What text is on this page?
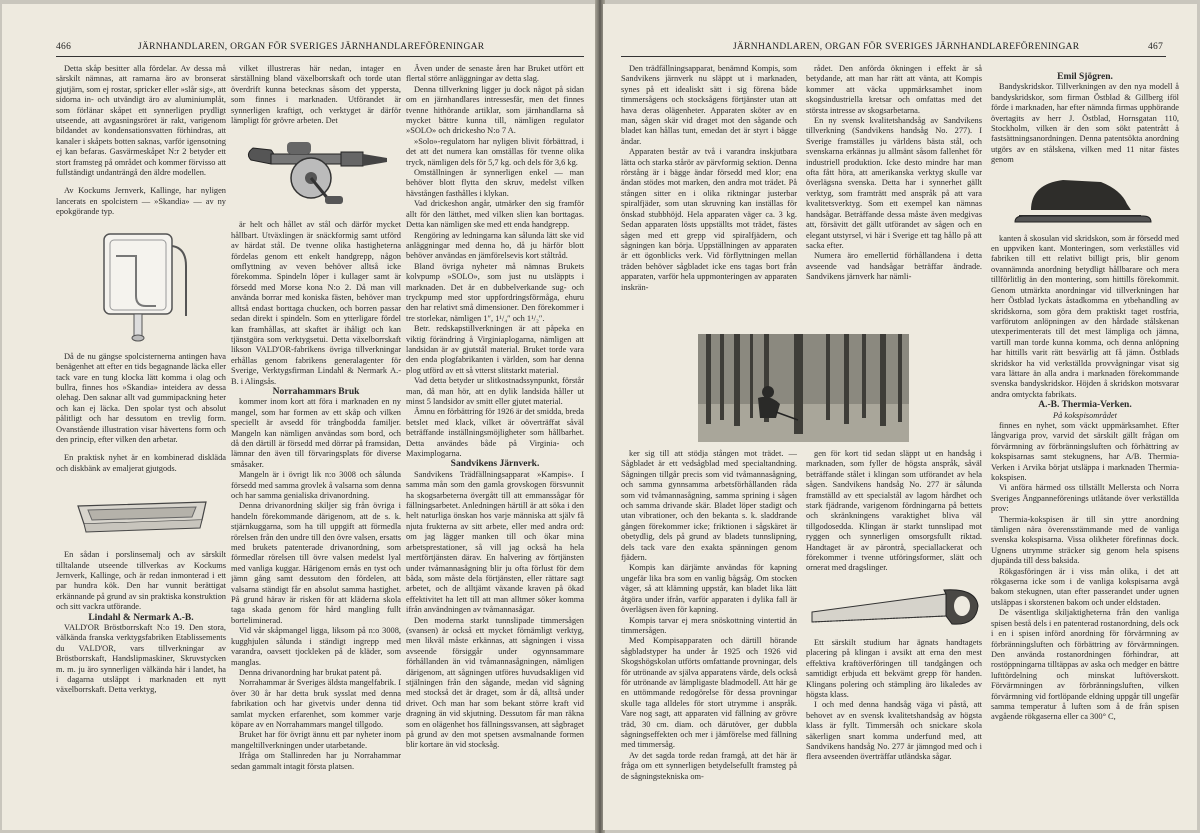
466	JÄRNHANDLAREN, ORGAN FÖR SVERIGES JÄRNHANDLAREFÖRENINGAR

Detta skåp besitter alla fördelar. Av dessa må särskilt nämnas, att ramarna äro av bronserat gjutjärn, som ej rostar, spricker eller »slår sig», att sidorna in- och utvändigt äro av aluminiumplåt, som förlänar skåpet ett synnerligen prydligt utseende, att avgasningsröret är rakt, varigenom bildandet av kondensationsvatten förhindras, att kanaler i skåpets botten saknas, varför igensotning ej kan befaras. Gasvärmeskåpet N:r 2 betyder ett stort framsteg på området och kommer förvisso att fullständigt undanträngå den äldre modellen.

Av Kockums Jernverk, Kallinge, har nyligen lancerats en spolcistern — »Skandia» — av ny epokgörande typ.

Då de nu gängse spolcisternerna antingen hava benägenhet att efter en tids begagnande läcka eller tack vare en tung klocka lätt komma i olag och bullra, finnes hos »Skandia» inteidera av dessa olehag. Den saknar allt vad gummipackning heter och kan ej läcka. Den spolar tyst och absolut pålitligt och har dessutom en trevlig form. Ovanstående illustration visar hävertens form och den princip, efter vilken den arbetar.

En praktisk nyhet är en kombinerad diskläda och diskbänk av emaljerat gjutgods.

En sådan i porslinsemalj och av särskilt tilltalande utseende tillverkas av Kockums Jernverk, Kallinge, och är redan inmonterad i ett par hundra kök. Den har vunnit berättigat erkännande på grund av sin praktiska konstruktion och sitt vackra utförande.

Lindahl & Nermark A.-B.

VALD'OR Bröstborrskaft N:o 19. Den stora, välkända franska verktygsfabriken Etablissements du VALD'OR, vars tillverkningar av Bröstborrskaft, Handslipmaskiner, Skruvstycken m. m. ju äro synnerligen välkända här i landet, ha i dagarna utsläppt i marknaden ett nytt växelborrskaft. Detta verktyg,

vilket illustreras här nedan, intager en särställning bland växelborrskaft och torde utan överdrift kunna betecknas såsom det yppersta, som finnes i marknaden. Utförandet är synnerligen kraftigt, och verktyget är därför lämpligt för grövre arbeten. Det

är helt och hållet av stål och därför mycket hållbart. Utväxlingen är snäckformig samt utförd av härdat stål. De tvenne olika hastigheterna fördelas genom ett enkelt handgrepp, någon omflyttning av veven behöver alltså icke förekomma. Spindeln löper i kullager samt är försedd med Morse kona N:o 2. Då man vill använda borrar med koniska fästen, behöver man alltså endast borttaga chucken, och borren passar sedan direkt i spindeln. Som en ytterligare fördel kan framhållas, att skaftet är ihåligt och kan tjänstgöra som verktygsetui. Detta växelborrskaft likson VALD'OR-fabrikens övriga tillverkningar erhållas genom fabrikens generalagenter för Sverige, Verktygsfirman Lindahl & Nermark A.-B. i Alingsås.

Norrahammars Bruk

kommer inom kort att föra i marknaden en ny mangel, som har formen av ett skåp och vilken speciellt är avsedd för trångbodda familjer. Mangeln kan nämligen användas som bord, och då den därtill är försedd med dörrar på framsidan, lämnar den även till förvaringsplats för diverse småsaker.

Mangeln är i övrigt lik n:o 3008 och sålunda försedd med samma grovlek å valsarna som denna och har samma genialiska drivanordning.

Denna drivanordning skiljer sig från övriga i handeln förekommande därigenom, att de s. k. stjärnkuggarna, som ha till uppgift att förmedla rörelsen från den undre till den övre valsen, ersatts med brukets patenterade drivanordning, som förmedlar rörelsen till övre valsen medelst lyal med vanliga kuggar. Härigenom ernås en tyst och jämn gång samt dessutom den fördelen, att valsarna ständigt får en absolut samma hastighet. På grund härav är risken för att kläderna skola taga skada genom för hård mangling fullt borteliminerad.

Vid vår skåpmangel ligga, liksom på n:o 3008, kugghjulen sålunda i ständigt ingrepp med varandra, oavsett tjockleken på de kläder, som manglas.

Denna drivanordning har brukat patent på.

Norrahammar är Sveriges äldsta mangelfabrik. I över 30 år har detta bruk sysslat med denna fabrikation och har givetvis under denna tid samlat mycken erfarenhet, som kommer varje köpare av en Norrahammars mangel tillgodo.

Bruket har för övrigt ännu ett par nyheter inom mangeltillverkningen under utarbetande.

Ifråga om Stallinreden har ju Norrahammar sedan gammalt intagit första platsen.

Även under de senaste åren har Bruket utfört ett flertal större anläggningar av detta slag.

Denna tillverkning ligger ju dock något på sidan om en järnhandlares intressesfär, men det finnes tvenne hithörande artiklar, som järnhandlarna så mycket bättre kunna till, nämligen regulator »SOLO» och drickesho N:o 7 A.

»Solo»-regulatorn har nyligen blivit förbättrad, i det att det numera kan omställas för tvenne olika tryck, nämligen dels för 5,7 kg. och dels för 3,6 kg.

Omställningen är synnerligen enkel — man behöver blott flytta den skruv, medelst vilken hävstången fasthålles i klykan.

Vad drickeshon angår, utmärker den sig framför allt för den lätthet, med vilken slien kan borttagas. Detta kan nämligen ske med ett enda handgrepp.

Rengöring av ledningarna kan sålunda lätt ske vid anläggningar med denna ho, då ju härför blott behöver användas en jämförelsevis kort ståltråd.

Bland övriga nyheter må nämnas Brukets kolvpump »SOLO», som just nu utsläppts i marknaden. Det är en dubbelverkande sug- och tryckpump med stor uppfordringsförmåga, ehuru den har relativt små dimensioner. Den förekommer i tre storlekar, nämligen 1″, 1¹/₄″ och 1¹/₂″.

Betr. redskapstillverkningen är att påpeka en viktig förändring å Virginiaplogarna, nämligen att landsidan är av gjutstål material. Bruket torde vara den enda plogfabrikanten i världen, som har denna plog utförd av ett så vtterst slitstarkt material.

Vad detta betyder ur slitkostnadssynpunkt, förstår man, då man hör, att en dylik landsida håller ut minst 5 landsidor av smitt eller gjutet material.

Ämnu en förbättring för 1926 är det smidda, breda betslet med klack, vilket är oöverträffat såväl beträffande inställningsmöjligheter som hållbarhet. Detta användes både på Virginia- och Maximplogarna.

Sandvikens Järnverk.

Sandvikens Trädfällningsapparat »Kampis». I samma mån som den gamla grovskogen försvunnit ha skogsarbeterna övergått till att emmanssågar för fällningsarbetet. Anledningen härtill är att söka i den helt naturliga önskan hos varje människa att själv få njuta frukterna av sitt arbete, eller med andra ord: om jag lägger manken till och ökar mina arbetsprestationer, så vill jag också ha hela mertförtjänsten därav. En halvering av förtjänsten under tvåmannasågning blir ju ofta förlust för dem båda, som måste dela förtjänsten, eller rättare sagt arbetet, och de alltjämt växande kraven på ökad effektivitet ha lett till att man alltmer söker komma ifrån användningen av tvåmannasågar.

Den moderna starkt tunnslipade timmersågen (svansen) är också ett mycket förnämligt verktyg, men likväl måste erkännas, att sågningen i vissa avseende försiggår under ogynnsammare förhållanden än vid tvåmannasågningen, nämligen därigenom, att sågningen utföres huvudsakligen vid stjälningen från den sågande, medan vid sågning med stockså det är draget, som år då, alltså under drivet. Och man har som bekant större kraft vid dragning än vid skjutning. Dessutom får man räkna som en olägenhet hos fällningssvansen, att sågbraget på grund av den mot spetsen avsmalnande formen blir kortare än vid stocksåg.

JÄRNHANDLAREN, ORGAN FÖR SVERIGES JÄRNHANDLAREFÖRENINGAR	467

Den trädfällningsapparat, benämnd Kompis, som Sandvikens järnverk nu släppt ut i marknaden, synes på ett idealiskt sätt i sig förena både timmersågens och stocksågens förtjänster utan att hava deras olägenheter. Apparaten sköter av en man, sågen skär vid draget mot den sågande och bladet kan hållas tunt, emedan det är styrt i bägge ändar.

Apparaten består av två i varandra inskjutbara lätta och starka stårör av pärvformig sektion. Denna rörstång är i bägge ändar försedd med klor; ena ändan stödes mot marken, den andra mot trädet. På stången sitter en i olika riktningar justerbar spiralfjäder, som utan skruvning kan inställas för önskad stubbhöjd. Hela apparaten väger ca. 3 kg. Sedan apparaten lösts uppställts mot trädet, fästes sågen med ett grepp vid spiralfjädern, och sågningen kan börja. Uppställningen av apparaten är ett ögonblicks verk. Vid förflyttningen mellan träden behöver sågbladet icke ens tagas bort från apparaten, varför hela uppmonteringen av apparaten inskrän-

ker sig till att stödja stången mot trädet. — Sågbladet är ett vedsågblad med specialtandning. Sågningen tillgår precis som vid tvåmannasågning, och samma gynnsamma arbetsförhållanden råda som vid tvåmannasågning, samma sprining i sågen och samma drivande skär. Bladet löper stadigt och utan vibrationer, och den bekanta s. k. sladdrande gången förekommer icke; friktionen i sågskäret är obetydlig, dels på grund av bladets tunnslipning, dels tack vare den exakta spänningen genom fjädern.

Kompis kan därjämte användas för kapning ungefär lika bra som en vanlig bågsåg. Om stocken väger, så att klämning uppstår, kan bladet lika lätt åtgöra under ifrån, varför apparaten i dylika fall är överlägsen även för kapning.

Kompis tarvar ej mera snöskottning vintertid än timmersågen.

Med Kompisapparaten och därtill hörande sågbladstyper ha under år 1925 och 1926 vid Skogshögskolan utförts omfattande provningar, dels för utrönande av själva apparatens värde, dels också för utrönande av lämpligaste bladmodell. Att här ge en uttömmande redogörelse för dessa provningar skulle taga alldeles för stort utrymme i anspråk. Vare nog sagt, att apparaten vid fällning av grövre träd, 30 cm. diam. och därutöver, ger dubbla sågningseffekten och mer i jämförelse med fällning med timmersåg.

Av det sagda torde redan framgå, att det här är fråga om ett synnerligen betydelsefullt framsteg på de sågningstekniska om-

rådet. Den anförda ökningen i effekt är så betydande, att man har rätt att vänta, att Kompis kommer att väcka uppmärksamhet inom skogsindustriella kretsar och omfattas med det största intresse av skogsarbetarna.

En ny svensk kvalitetshandsåg av Sandvikens tillverkning (Sandvikens handsåg No. 277). I Sverige framställes ju världens bästa stål, och svenskarna erkännas ju allmänt såsom fallenhet för industriell produktion. Icke desto mindre har man ofta fått höra, att amerikanska verktyg skulle var överlägsna svenska. Detta har i synnerhet gällt verktyg, som framträtt med anspråk på att vara kvalitetsverktyg. Som ett exempel kan nämnas handsågar. Beträffande dessa måste även medgivas att, försävitt det gällt utförandet av sågen och en elegant utstyrsel, vi här i Sverige ett tag hållo på att sacka efter.

Numera äro emellertid förhållandena i detta avseende vad handsågar beträffar ändrade. Sandvikens järnverk har nämli-

gen för kort tid sedan släppt ut en handsåg i marknaden, som fyller de högsta anspråk, såväl beträffande stålet i klingan som utförandet av hela sågen. Sandvikens handsåg No. 277 är sålunda framställd av ett specialstål av lagom hårdhet och stark fjädrande, varigenom fördningarna på bettets och skränkningens varaktighet bliva väl tillgodosedda. Klingan är starkt tunnslipad mot ryggen och synnerligen omsorgsfullt riktad. Handtaget är av pärontrå, speciallackerat och förekommer i tvenne utföringsformer, slätt och ornerat med dragslinger.

Ett särskilt studium har ägnats handtagets placering på klingan i avsikt att erna den mest effektiva kraftöverföringen till tandgången och samtidigt erbjuda ett bekvämt grepp för handen. Klingans polering och stämpling äro likaledes av högsta klass.

I och med denna handsåg väga vi påstå, att behovet av en svensk kvalitetshandsåg av högsta klass är fyllt. Timmersåh och snickare skola säkerligen snart komma underfund med, att Sandvikens handsåg No. 277 är jämngod med och i flera avseenden överträffar utländska sågar.

Emil Sjögren.

Bandyskridskor. Tillverkningen av den nya modell å bandyskridskor, som firman Östblad & Gillberg iföl förde i marknaden, har efter nämnda firmas upphörande övertagits av herr J. Östblad, Hornsgatan 110, Stockholm, vilken är den som sökt patentrått å fastsättningsanordningen. Denna patentsökta anordning utgörs av en stålskena, vilken med 11 nitar fästes genom

kanten å skosulan vid skridskon, som är försedd med en uppviken kant. Monteringen, som verkställes vid fabriken till ett relativt billigt pris, blir genom ovannämnda anordning betydligt hållbarare och mera tillförlitlig än den montering, som hittills förekommit. Genom utmärkta anordningar vid tillverkningen har herr Östblad lyckats åstadkomma en ytbehandling av skridskorna, som göra dem praktiskt taget rostfria, varförutom anlöpningen av den hårdade stålskenan utexperimenterats till det mest lämpliga och jämna, vartill man torde kunna komma, och denna anlöpning har hittills varit rätt besvärlig att få jämn. Östblads skridskor ha vid verkställda provvågningar visat sig vara lättare än alla andra i marknaden förekommande svenska bandyskridskor. Höjden å skridskon motsvarar andra omtyckta fabrikats.

A.-B. Thermia-Verken.

På kokspisområdet

finnes en nyhet, som väckt uppmärksamhet. Efter långvariga prov, varvid det särskilt gällt frågan om förvärmning av förbränningsluften och förhättring av kokspisarnas samt stekugnens, har A/B. Thermia-Verken i Arvika börjat utsläppa i marknaden Thermia-kokspisen.

Vi anföra härmed oss tillställt Mellersta och Norra Sveriges Ångpanneförenings utlåtande över verkställda prov:

Thermia-kokspisen är till sin yttre anordning tämligen nära överensstämmande med de vanliga svenska kokspisarna. Vissa olikheter förefinnas dock. Ugnens utrymme sträcker sig genom hela spisens djupända till dess baksida.

Rökgasföringen är i viss mån olika, i det att rökgaserna icke som i de vanliga kokspisarna avgå bakom stekugnen, utan efter passerandet under ugnen utsläppas i skorstenen bakom och under eldstaden.

De väsentliga skiljaktigheterna från den vanliga spisen bestå dels i en patenterad rostanordning, dels ock i en i spisen införd anordning för förvärmning av förbränningsluften och förbättring av förvärmningen. Den använda rostanordningen förhindrar, att rostöppningarna tilltäppas av aska och medger en bättre lufttördelning och minskat luftöverskott. Förvärmningen av förbränningsluften, vilken förvärmning vid fortlöpande eldning uppgår till ungefär samma temperatur å luften som å de från spisen avgående rökgaserna eller ca 300° C,
